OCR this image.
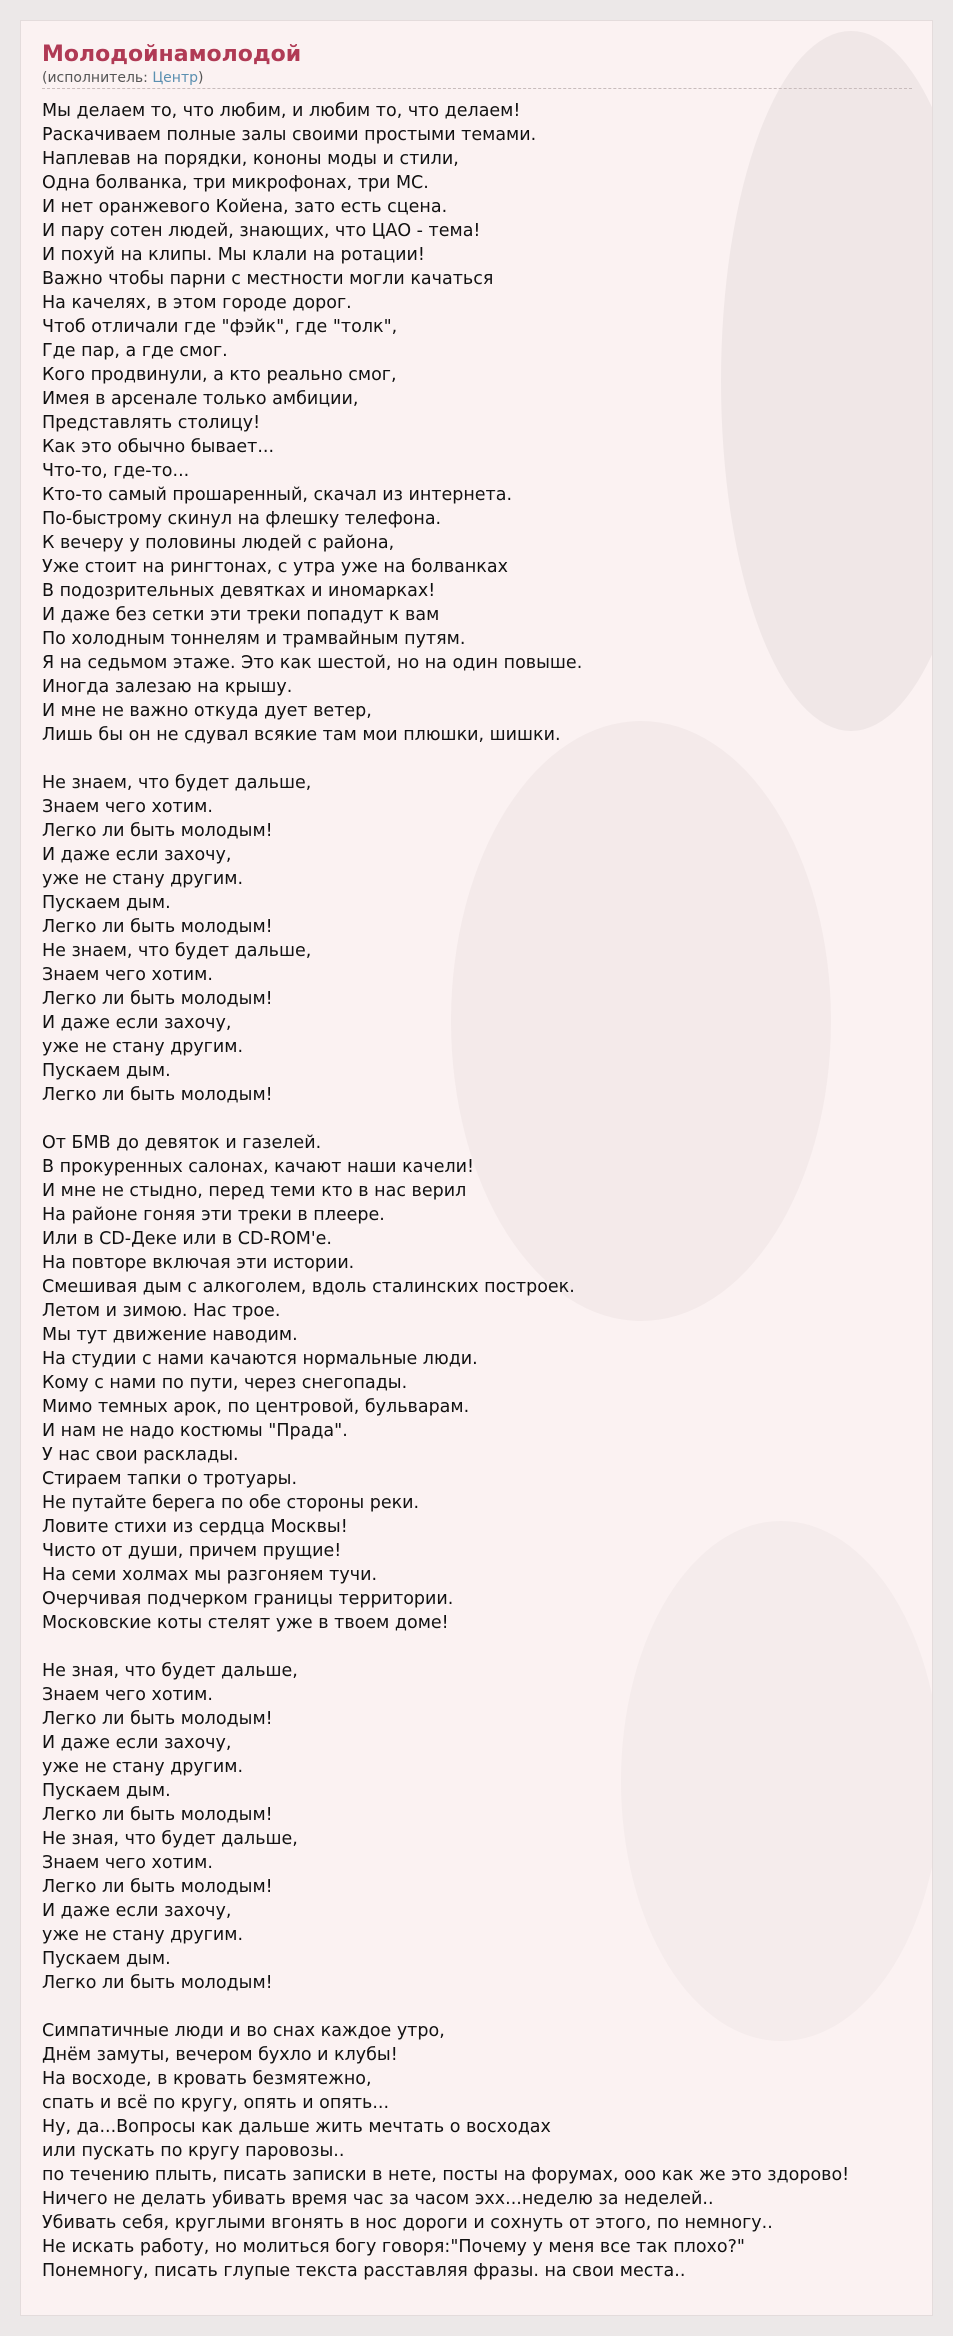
Молодойнамолодой
(исполнитель: Центр)
Мы делаем то, что любим, и любим то, что делаем!
Раскачиваем полные залы своими простыми темами.
Наплевав на порядки, кононы моды и стили,
Одна болванка, три микрофонах, три МС.
И нет оранжевого Койена, зато есть сцена.
И пару сотен людей, знающих, что ЦАО - тема!
И похуй на клипы. Мы клали на ротации!
Важно чтобы парни с местности могли качаться
На качелях, в этом городе дорог.
Чтоб отличали где "фэйк", где "толк",
Где пар, а где смог.
Кого продвинули, а кто реально смог,
Имея в арсенале только амбиции,
Представлять столицу!
Как это обычно бывает...
Что-то, где-то...
Кто-то самый прошаренный, скачал из интернета.
По-быстрому скинул на флешку телефона.
К вечеру у половины людей с района,
Уже стоит на рингтонах, с утра уже на болванках
В подозрительных девятках и иномарках!
И даже без сетки эти треки попадут к вам
По холодным тоннелям и трамвайным путям.
Я на седьмом этаже. Это как шестой, но на один повыше.
Иногда залезаю на крышу.
И мне не важно откуда дует ветер,
Лишь бы он не сдувал всякие там мои плюшки, шишки.
Не знаем, что будет дальше,
Знаем чего хотим.
Легко ли быть молодым!
И даже если захочу,
уже не стану другим.
Пускаем дым.
Легко ли быть молодым!
Не знаем, что будет дальше,
Знаем чего хотим.
Легко ли быть молодым!
И даже если захочу,
уже не стану другим.
Пускаем дым.
Легко ли быть молодым!
От БМВ до девяток и газелей.
В прокуренных салонах, качают наши качели!
И мне не стыдно, перед теми кто в нас верил
На районе гоняя эти треки в плеере.
Или в CD-Деке или в CD-ROM'е.
На повторе включая эти истории.
Смешивая дым с алкоголем, вдоль сталинских построек.
Летом и зимою. Нас трое.
Мы тут движение наводим.
На студии с нами качаются нормальные люди.
Кому с нами по пути, через снегопады.
Мимо темных арок, по центровой, бульварам.
И нам не надо костюмы "Прада".
У нас свои расклады.
Стираем тапки о тротуары.
Не путайте берега по обе стороны реки.
Ловите стихи из сердца Москвы!
Чисто от души, причем прущие!
На семи холмах мы разгоняем тучи.
Очерчивая подчерком границы территории.
Московские коты стелят уже в твоем доме!
Не зная, что будет дальше,
Знаем чего хотим.
Легко ли быть молодым!
И даже если захочу,
уже не стану другим.
Пускаем дым.
Легко ли быть молодым!
Не зная, что будет дальше,
Знаем чего хотим.
Легко ли быть молодым!
И даже если захочу,
уже не стану другим.
Пускаем дым.
Легко ли быть молодым!
Симпатичные люди и во снах каждое утро,
Днём замуты, вечером бухло и клубы!
На восходе, в кровать безмятежно,
спать и всё по кругу, опять и опять...
Ну, да...Вопросы как дальше жить мечтать о восходах
или пускать по кругу паровозы..
по течению плыть, писать записки в нете, посты на форумах, ооо как же это здорово!
Ничего не делать убивать время час за часом эхх...неделю за неделей..
Убивать себя, круглыми вгонять в нос дороги и сохнуть от этого, по немногу..
Не искать работу, но молиться богу говоря:"Почему у меня все так плохо?"
Понемногу, писать глупые текста расставляя фразы. на свои места..
